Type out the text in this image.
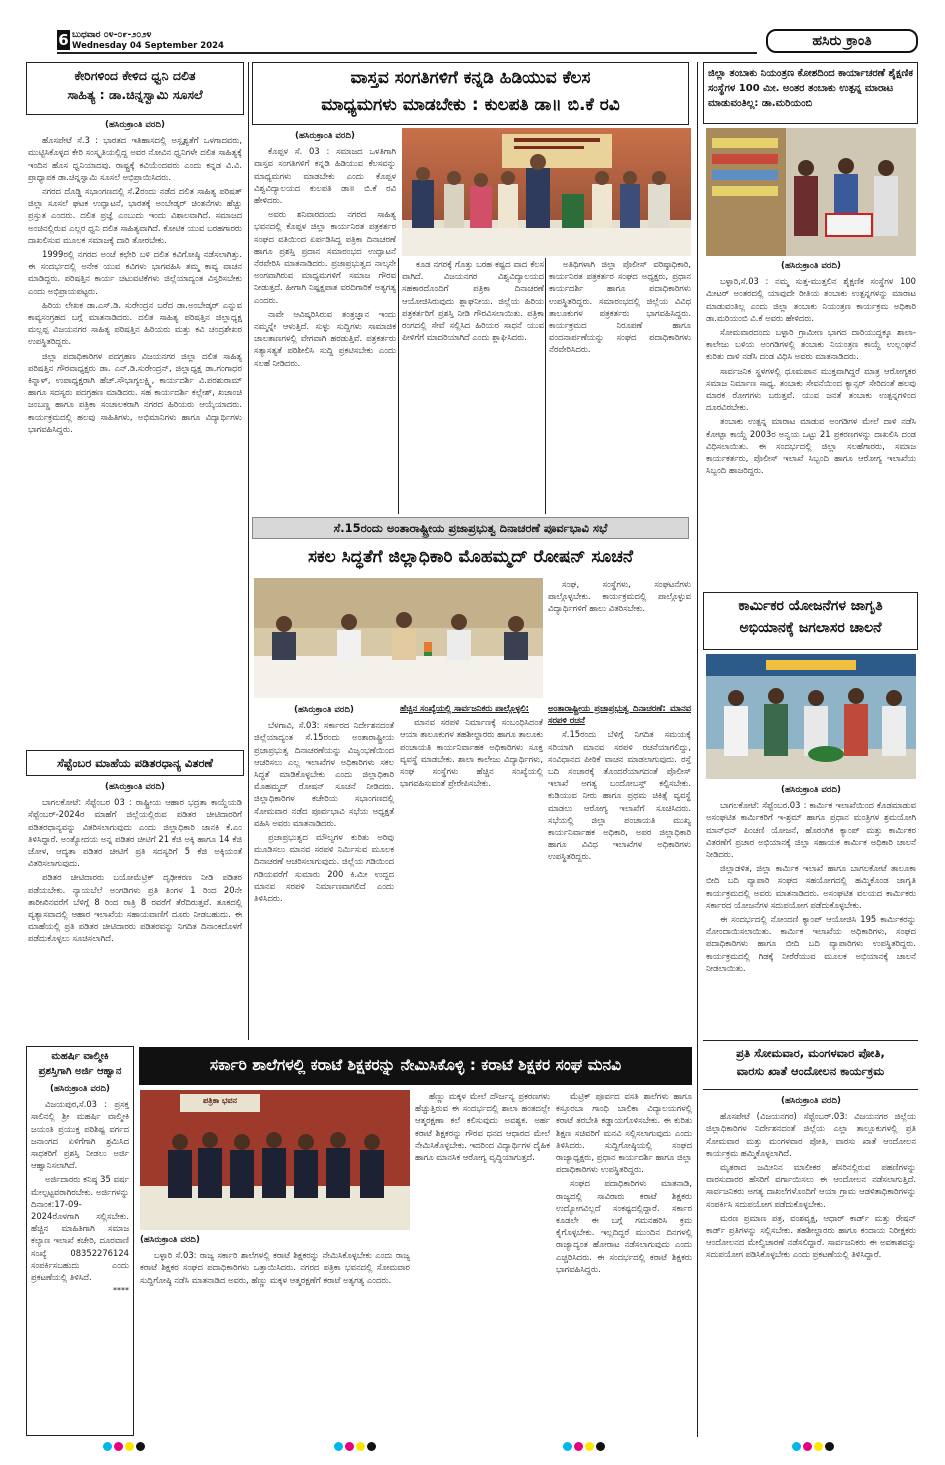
6 ಬುಧವಾರ ೦೪-೦೯-೨೦೨೪
Wednesday 04 September 2024	ಹಸಿರು ಕ್ರಾಂತಿ
ಕೇರಿಗಳಿಂದ ಕೇಳಿದ ಧ್ವನಿ ದಲಿತ
ಸಾಹಿತ್ಯ : ಡಾ.ಚಿನ್ನಸ್ವಾಮಿ ಸೂಸಲೆ
(ಹಸಿರುಕ್ರಾಂತಿ ವರದಿ)

ಹೊಸಪೇಟೆ ಸೆ.3 : ಭಾರತದ ಇತಿಹಾಸದಲ್ಲಿ ಅಸ್ಪೃಶ್ಯತೆಗೆ ಒಳಗಾದವರು, ಮುಟ್ಟಿಸಿಕೊಳ್ಳದ ಕೇರಿ ಸಂಸ್ಕೃತಿಯಲ್ಲಿದ್ದ ಅವರ ನೋವಿನ ಧ್ವನಿಗಳೇ ದಲಿತ ಸಾಹಿತ್ಯಕ್ಕೆ ಇಂದಿನ ಹೊಸ ಧ್ವನಿಯಾದವು. ರಾಷ್ಟ್ರಕ್ಕೆ ಕವಿಯೆಂದವರು ಎಂದು ಕನ್ನಡ ವಿ.ವಿ. ಪ್ರಾಧ್ಯಾಪಕ ಡಾ.ಚಿನ್ನಸ್ವಾಮಿ ಸೂಸಲೆ ಅಭಿಪ್ರಾಯಿಸಿದರು.

ನಗರದ ದೊಡ್ಡಿ ಸಭಾಂಗಣದಲ್ಲಿ ಸೆ.2ರಂದು ನಡೆದ ದಲಿತ ಸಾಹಿತ್ಯ ಪರಿಷತ್ ಜಿಲ್ಲಾ ಸೂಸಲೆ ಘಟಕ ಉದ್ಘಾಟನೆ, ಭಾರತಕ್ಕೆ ಅಂಬೇಡ್ಕರ್ ಚಿಂತನೆಗಳು ಹೆಚ್ಚು ಪ್ರಸ್ತುತ ಎಂದರು. ದಲಿತ ಪ್ರಜ್ಞೆ ಎಂಬುದು ಇಂದು ವಿಶಾಲವಾಗಿದೆ. ಸಮಾಜದ ಅಂಚಿನಲ್ಲಿರುವ ಎಲ್ಲರ ಧ್ವನಿ ದಲಿತ ಸಾಹಿತ್ಯವಾಗಿದೆ. ಕೋಟಿಕ ಯುವ ಬರಹಗಾರರು ದಾಖಲಿಸುವ ಮೂಲಕ ಸಮಾಜಕ್ಕೆ ದಾರಿ ತೋರಬೇಕು.

1999ರಲ್ಲಿ ನಗರದ ಅಂಚೆ ಕಛೇರಿ ಬಳಿ ದಲಿತ ಕವಿಗೋಷ್ಠಿ ನಡೆಸಲಾಗಿತ್ತು. ಈ ಸಂದರ್ಭದಲ್ಲಿ ಅನೇಕ ಯುವ ಕವಿಗಳು ಭಾಗವಹಿಸಿ ತಮ್ಮ ಕಾವ್ಯ ವಾಚನ ಮಾಡಿದ್ದರು. ಪರಿಷತ್ತಿನ ಕಾರ್ಯ ಚಟುವಟಿಕೆಗಳು ಜಿಲ್ಲೆಯಾದ್ಯಂತ ವಿಸ್ತರಿಸಬೇಕು ಎಂದು ಅಭಿಪ್ರಾಯಪಟ್ಟರು.

ಹಿರಿಯ ಲೇಖಕ ಡಾ.ಎಸ್.ಡಿ. ಸುರೇಂದ್ರನ ಬರೆದ ಡಾ.ಅಂಬೇಡ್ಕರ್ ಎನ್ನುವ ಕಾವ್ಯಸಂಗ್ರಹದ ಬಗ್ಗೆ ಮಾತನಾಡಿದರು. ದಲಿತ ಸಾಹಿತ್ಯ ಪರಿಷತ್ತಿನ ಜಿಲ್ಲಾಧ್ಯಕ್ಷ ಮಲ್ಲಪ್ಪ ವಿಜಯನಗರ ಸಾಹಿತ್ಯ ಪರಿಷತ್ತಿನ ಹಿರಿಯರು ಮತ್ತು ಕವಿ ಚಂದ್ರಶೇಖರ ಉಪಸ್ಥಿತರಿದ್ದರು.

ಜಿಲ್ಲಾ ಪದಾಧಿಕಾರಿಗಳ ಪದಗ್ರಹಣ ವಿಜಯನಗರ ಜಿಲ್ಲಾ ದಲಿತ ಸಾಹಿತ್ಯ ಪರಿಷತ್ತಿನ ಗೌರವಾಧ್ಯಕ್ಷರು ಡಾ. ಎನ್.ಡಿ.ಸುರೇಂದ್ರನ್, ಜಿಲ್ಲಾಧ್ಯಕ್ಷ ಡಾ.ಗಂಗಾಧರ ಕಿನ್ನಾಳ್, ಉಪಾಧ್ಯಕ್ಷರಾಗಿ ಹೆಚ್.ಸೌಭಾಗ್ಯಲಕ್ಷ್ಮಿ, ಕಾರ್ಯದರ್ಶಿ ವಿ.ಪರಶುರಾಮ್ ಹಾಗೂ ಸದಸ್ಯರು ಪದಗ್ರಹಣ ಮಾಡಿದರು. ಸಹ ಕಾರ್ಯದರ್ಶಿ ಕಲ್ಲೇಶ್, ಖಜಾಂಚಿ ಜಂಬಣ್ಣ ಹಾಗೂ ಪತ್ರಿಕಾ ಸಂಚಾಲಕರಾಗಿ ನಗರದ ಹಿರಿಯರು ಆಯ್ಕೆಯಾದರು. ಕಾರ್ಯಕ್ರಮದಲ್ಲಿ ಹಲವು ಸಾಹಿತಿಗಳು, ಅಭಿಮಾನಿಗಳು ಹಾಗೂ ವಿದ್ಯಾರ್ಥಿಗಳು ಭಾಗವಹಿಸಿದ್ದರು.

ಸೆಪ್ಟೆಂಬರ ಮಾಹೆಯ ಪಡಿತರಧಾನ್ಯ ವಿತರಣೆ
(ಹಸಿರುಕ್ರಾಂತಿ ವರದಿ)

ಬಾಗಲಕೋಟೆ: ಸೆಪ್ಟೆಂಬರ 03 : ರಾಷ್ಟ್ರೀಯ ಆಹಾರ ಭದ್ರತಾ ಕಾಯ್ದೆಯಡಿ ಸೆಪ್ಟೆಂಬರ್-2024ರ ಮಾಹೆಗೆ ಜಿಲ್ಲೆಯಲ್ಲಿರುವ ಪಡಿತರ ಚೀಟಿದಾರರಿಗೆ ಪಡಿತರಧಾನ್ಯವನ್ನು ವಿತರಿಸಲಾಗುವುದು ಎಂದು ಜಿಲ್ಲಾಧಿಕಾರಿ ಜಾನಕಿ ಕೆ.ಎಂ ತಿಳಿಸಿದ್ದಾರೆ. ಅಂತ್ಯೋದಯ ಅನ್ನ ಪಡಿತರ ಚೀಟಿಗೆ 21 ಕೆಜಿ ಅಕ್ಕಿ ಹಾಗೂ 14 ಕೆಜಿ ಜೋಳ, ಆದ್ಯತಾ ಪಡಿತರ ಚೀಟಿಗೆ ಪ್ರತಿ ಸದಸ್ಯರಿಗೆ 5 ಕೆಜಿ ಅಕ್ಕಿಯಂತೆ ವಿತರಿಸಲಾಗುವುದು.

ಪಡಿತರ ಚೀಟಿದಾರರು ಬಯೋಮೆಟ್ರಿಕ್ ದೃಢೀಕರಣ ನೀಡಿ ಪಡಿತರ ಪಡೆಯಬೇಕು. ನ್ಯಾಯಬೆಲೆ ಅಂಗಡಿಗಳು ಪ್ರತಿ ತಿಂಗಳ 1 ರಿಂದ 20ನೇ ತಾರೀಖಿನವರೆಗೆ ಬೆಳಿಗ್ಗೆ 8 ರಿಂದ ರಾತ್ರಿ 8 ರವರೆಗೆ ತೆರೆದಿರುತ್ತವೆ. ತೂಕದಲ್ಲಿ ವ್ಯತ್ಯಾಸವಾದಲ್ಲಿ ಆಹಾರ ಇಲಾಖೆಯ ಸಹಾಯವಾಣಿಗೆ ದೂರು ನೀಡಬಹುದು. ಈ ಮಾಹೆಯಲ್ಲಿ ಪ್ರತಿ ಪಡಿತರ ಚೀಟಿದಾರರು ಪಡಿತರವನ್ನು ನಿಗದಿತ ದಿನಾಂಕದೊಳಗೆ ಪಡೆದುಕೊಳ್ಳಲು ಸೂಚಿಸಲಾಗಿದೆ.

ವಾಸ್ತವ ಸಂಗತಿಗಳಿಗೆ ಕನ್ನಡಿ ಹಿಡಿಯುವ ಕೆಲಸ
ಮಾಧ್ಯಮಗಳು ಮಾಡಬೇಕು : ಕುಲಪತಿ ಡಾ॥ ಬಿ.ಕೆ ರವಿ
(ಹಸಿರುಕ್ರಾಂತಿ ವರದಿ)

ಕೊಪ್ಪಳ ಸೆ. 03 : ಸಮಾಜದ ಒಳತಿಗಾಗಿ ವಾಸ್ತವ ಸಂಗತಿಗಳಿಗೆ ಕನ್ನಡಿ ಹಿಡಿಯುವ ಕೆಲಸವನ್ನು ಮಾಧ್ಯಮಗಳು ಮಾಡಬೇಕು ಎಂದು ಕೊಪ್ಪಳ ವಿಶ್ವವಿದ್ಯಾಲಯದ ಕುಲಪತಿ ಡಾ॥ ಬಿ.ಕೆ ರವಿ ಹೇಳಿದರು.

ಅವರು ಶನಿವಾರದಂದು ನಗರದ ಸಾಹಿತ್ಯ ಭವನದಲ್ಲಿ ಕೊಪ್ಪಳ ಜಿಲ್ಲಾ ಕಾರ್ಯನಿರತ ಪತ್ರಕರ್ತರ ಸಂಘದ ವತಿಯಿಂದ ಏರ್ಪಡಿಸಿದ್ದ ಪತ್ರಿಕಾ ದಿನಾಚರಣೆ ಹಾಗೂ ಪ್ರಶಸ್ತಿ ಪ್ರದಾನ ಸಮಾರಂಭದ ಉದ್ಘಾಟನೆ ನೆರವೇರಿಸಿ ಮಾತನಾಡಿದರು. ಪ್ರಜಾಪ್ರಭುತ್ವದ ನಾಲ್ಕನೇ ಅಂಗವಾಗಿರುವ ಮಾಧ್ಯಮಗಳಿಗೆ ಸಮಾಜ ಗೌರವ ನೀಡುತ್ತದೆ. ಹೀಗಾಗಿ ನಿಷ್ಪಕ್ಷಪಾತ ವರದಿಗಾರಿಕೆ ಅತ್ಯಗತ್ಯ ಎಂದರು.

ನಾವೇ ಆವಿಷ್ಕರಿಸಿರುವ ತಂತ್ರಜ್ಞಾನ ಇಂದು ನಮ್ಮನ್ನೇ ಆಳುತ್ತಿದೆ. ಸುಳ್ಳು ಸುದ್ದಿಗಳು ಸಾಮಾಜಿಕ ಜಾಲತಾಣಗಳಲ್ಲಿ ವೇಗವಾಗಿ ಹರಡುತ್ತಿವೆ. ಪತ್ರಕರ್ತರು ಸತ್ಯಾಸತ್ಯತೆ ಪರಿಶೀಲಿಸಿ ಸುದ್ದಿ ಪ್ರಕಟಿಸಬೇಕು ಎಂದು ಸಲಹೆ ನೀಡಿದರು.

ಕೂಡ ನಗರಕ್ಕೆ ಗೊತ್ತು ಬರಹ ಕಷ್ಟದ ವಾದ ಕೆಲಸ ವಾಗಿದೆ. ವಿಜಯನಗರ ವಿಶ್ವವಿದ್ಯಾಲಯದ ಸಹಕಾರದೊಂದಿಗೆ ಪತ್ರಿಕಾ ದಿನಾಚರಣೆ ಆಯೋಜಿಸಿರುವುದು ಶ್ಲಾಘನೀಯ. ಜಿಲ್ಲೆಯ ಹಿರಿಯ ಪತ್ರಕರ್ತರಿಗೆ ಪ್ರಶಸ್ತಿ ನೀಡಿ ಗೌರವಿಸಲಾಯಿತು. ಪತ್ರಿಕಾ ರಂಗದಲ್ಲಿ ಸೇವೆ ಸಲ್ಲಿಸಿದ ಹಿರಿಯರ ಸಾಧನೆ ಯುವ ಪೀಳಿಗೆಗೆ ಮಾದರಿಯಾಗಿದೆ ಎಂದು ಶ್ಲಾಘಿಸಿದರು.

ಅತಿಥಿಗಳಾಗಿ ಜಿಲ್ಲಾ ಪೊಲೀಸ್ ವರಿಷ್ಠಾಧಿಕಾರಿ, ಕಾರ್ಯನಿರತ ಪತ್ರಕರ್ತರ ಸಂಘದ ಅಧ್ಯಕ್ಷರು, ಪ್ರಧಾನ ಕಾರ್ಯದರ್ಶಿ ಹಾಗೂ ಪದಾಧಿಕಾರಿಗಳು ಉಪಸ್ಥಿತರಿದ್ದರು. ಸಮಾರಂಭದಲ್ಲಿ ಜಿಲ್ಲೆಯ ವಿವಿಧ ತಾಲೂಕುಗಳ ಪತ್ರಕರ್ತರು ಭಾಗವಹಿಸಿದ್ದರು. ಕಾರ್ಯಕ್ರಮದ ನಿರೂಪಣೆ ಹಾಗೂ ವಂದನಾರ್ಪಣೆಯನ್ನು ಸಂಘದ ಪದಾಧಿಕಾರಿಗಳು ನೆರವೇರಿಸಿದರು.

ಸೆ.15ರಂದು ಅಂತಾರಾಷ್ಟ್ರೀಯ ಪ್ರಜಾಪ್ರಭುತ್ವ ದಿನಾಚರಣೆ ಪೂರ್ವಭಾವಿ ಸಭೆ
ಸಕಲ ಸಿದ್ಧತೆಗೆ ಜಿಲ್ಲಾಧಿಕಾರಿ ಮೊಹಮ್ಮದ್ ರೋಷನ್ ಸೂಚನೆ

ಸಂಘ, ಸಂಸ್ಥೆಗಳು, ಸಂಘಟನೆಗಳು ಪಾಲ್ಗೊಳ್ಳಬೇಕು. ಕಾರ್ಯಕ್ರಮದಲ್ಲಿ ಪಾಲ್ಗೊಳ್ಳುವ ವಿದ್ಯಾರ್ಥಿಗಳಿಗೆ ಹಾಲು ವಿತರಿಸಬೇಕು.

(ಹಸಿರುಕ್ರಾಂತಿ ವರದಿ)

ಬೆಳಗಾವಿ, ಸೆ.03: ಸರ್ಕಾರದ ನಿರ್ದೇಶನದಂತೆ ಜಿಲ್ಲೆಯಾದ್ಯಂತ ಸೆ.15ರಂದು ಅಂತಾರಾಷ್ಟ್ರೀಯ ಪ್ರಜಾಪ್ರಭುತ್ವ ದಿನಾಚರಣೆಯನ್ನು ವಿಜೃಂಭಣೆಯಿಂದ ಆಚರಿಸಲು ಎಲ್ಲ ಇಲಾಖೆಗಳ ಅಧಿಕಾರಿಗಳು ಸಕಲ ಸಿದ್ಧತೆ ಮಾಡಿಕೊಳ್ಳಬೇಕು ಎಂದು ಜಿಲ್ಲಾಧಿಕಾರಿ ಮೊಹಮ್ಮದ್ ರೋಷನ್ ಸೂಚನೆ ನೀಡಿದರು. ಜಿಲ್ಲಾಧಿಕಾರಿಗಳ ಕಚೇರಿಯ ಸಭಾಂಗಣದಲ್ಲಿ ಸೋಮವಾರ ನಡೆದ ಪೂರ್ವಭಾವಿ ಸಭೆಯ ಅಧ್ಯಕ್ಷತೆ ವಹಿಸಿ ಅವರು ಮಾತನಾಡಿದರು.

ಪ್ರಜಾಪ್ರಭುತ್ವದ ಮೌಲ್ಯಗಳ ಕುರಿತು ಅರಿವು ಮೂಡಿಸಲು ಮಾನವ ಸರಪಳಿ ನಿರ್ಮಿಸುವ ಮೂಲಕ ದಿನಾಚರಣೆ ಆಚರಿಸಲಾಗುವುದು. ಜಿಲ್ಲೆಯ ಗಡಿಯಿಂದ ಗಡಿಯವರೆಗೆ ಸುಮಾರು 200 ಕಿ.ಮೀ ಉದ್ದದ ಮಾನವ ಸರಪಳಿ ನಿರ್ಮಾಣವಾಗಲಿದೆ ಎಂದು ತಿಳಿಸಿದರು.

ಹೆಚ್ಚಿನ ಸಂಖ್ಯೆಯಲ್ಲಿ ಸಾರ್ವಜನಿಕರು ಪಾಲ್ಗೊಳ್ಳಲಿ:

ಮಾನವ ಸರಪಳಿ ನಿರ್ಮಾಣಕ್ಕೆ ಸಂಬಂಧಿಸಿದಂತೆ ಆಯಾ ತಾಲೂಕುಗಳ ತಹಶೀಲ್ದಾರರು ಹಾಗೂ ತಾಲೂಕು ಪಂಚಾಯತಿ ಕಾರ್ಯನಿರ್ವಾಹಕ ಅಧಿಕಾರಿಗಳು ಸೂಕ್ತ ವ್ಯವಸ್ಥೆ ಮಾಡಬೇಕು. ಶಾಲಾ ಕಾಲೇಜು ವಿದ್ಯಾರ್ಥಿಗಳು, ಸಂಘ ಸಂಸ್ಥೆಗಳು ಹೆಚ್ಚಿನ ಸಂಖ್ಯೆಯಲ್ಲಿ ಭಾಗವಹಿಸುವಂತೆ ಪ್ರೇರೇಪಿಸಬೇಕು.

ಅಂತಾರಾಷ್ಟ್ರೀಯ ಪ್ರಜಾಪ್ರಭುತ್ವ ದಿನಾಚರಣೆ: ಮಾನವ ಸರಪಳಿ ರಚನೆ

ಸೆ.15ರಂದು ಬೆಳಿಗ್ಗೆ ನಿಗದಿತ ಸಮಯಕ್ಕೆ ಸರಿಯಾಗಿ ಮಾನವ ಸರಪಳಿ ರಚನೆಯಾಗಲಿದ್ದು, ಸಂವಿಧಾನದ ಪೀಠಿಕೆ ವಾಚನ ಮಾಡಲಾಗುವುದು. ರಸ್ತೆ ಬದಿ ಸಂಚಾರಕ್ಕೆ ತೊಂದರೆಯಾಗದಂತೆ ಪೊಲೀಸ್ ಇಲಾಖೆ ಅಗತ್ಯ ಬಂದೋಬಸ್ತ್ ಕಲ್ಪಿಸಬೇಕು. ಕುಡಿಯುವ ನೀರು ಹಾಗೂ ಪ್ರಥಮ ಚಿಕಿತ್ಸೆ ವ್ಯವಸ್ಥೆ ಮಾಡಲು ಆರೋಗ್ಯ ಇಲಾಖೆಗೆ ಸೂಚಿಸಿದರು. ಸಭೆಯಲ್ಲಿ ಜಿಲ್ಲಾ ಪಂಚಾಯತಿ ಮುಖ್ಯ ಕಾರ್ಯನಿರ್ವಾಹಕ ಅಧಿಕಾರಿ, ಅಪರ ಜಿಲ್ಲಾಧಿಕಾರಿ ಹಾಗೂ ವಿವಿಧ ಇಲಾಖೆಗಳ ಅಧಿಕಾರಿಗಳು ಉಪಸ್ಥಿತರಿದ್ದರು.

ಜಿಲ್ಲಾ ತಂಬಾಕು ನಿಯಂತ್ರಣ ಕೋಶದಿಂದ ಕಾರ್ಯಾಚರಣೆ ಶೈಕ್ಷಣಿಕ ಸಂಸ್ಥೆಗಳ 100 ಮೀ. ಅಂತರ ತಂಬಾಕು ಉತ್ಪನ್ನ ಮಾರಾಟ ಮಾಡುವಂತಿಲ್ಲ: ಡಾ.ಮರಿಯಂಬಿ
(ಹಸಿರುಕ್ರಾಂತಿ ವರದಿ)

ಬಳ್ಳಾರಿ,ಸೆ.03 : ನಮ್ಮ ಸುತ್ತ-ಮುತ್ತಲಿನ ಶೈಕ್ಷಣಿಕ ಸಂಸ್ಥೆಗಳ 100 ಮೀಟರ್ ಅಂತರದಲ್ಲಿ ಯಾವುದೇ ರೀತಿಯ ತಂಬಾಕು ಉತ್ಪನ್ನಗಳನ್ನು ಮಾರಾಟ ಮಾಡುವಂತಿಲ್ಲ ಎಂದು ಜಿಲ್ಲಾ ತಂಬಾಕು ನಿಯಂತ್ರಣ ಕಾರ್ಯಕ್ರಮ ಅಧಿಕಾರಿ ಡಾ.ಮರಿಯಂಬಿ ವಿ.ಕೆ ಅವರು ಹೇಳಿದರು.

ಸೋಮವಾರದಂದು ಬಳ್ಳಾರಿ ಗ್ರಾಮೀಣ ಭಾಗದ ದಾರಿಯುದ್ದಕ್ಕೂ ಶಾಲಾ-ಕಾಲೇಜು ಬಳಿಯ ಅಂಗಡಿಗಳಲ್ಲಿ ತಂಬಾಕು ನಿಯಂತ್ರಣ ಕಾಯ್ದೆ ಉಲ್ಲಂಘನೆ ಕುರಿತು ದಾಳಿ ನಡೆಸಿ ದಂಡ ವಿಧಿಸಿ ಅವರು ಮಾತನಾಡಿದರು.

ಸಾರ್ವಜನಿಕ ಸ್ಥಳಗಳಲ್ಲಿ ಧೂಮಪಾನ ಮುಕ್ತವಾಗಿದ್ದರೆ ಮಾತ್ರ ಆರೋಗ್ಯಕರ ಸಮಾಜ ನಿರ್ಮಾಣ ಸಾಧ್ಯ. ತಂಬಾಕು ಸೇವನೆಯಿಂದ ಕ್ಯಾನ್ಸರ್ ಸೇರಿದಂತೆ ಹಲವು ಮಾರಕ ರೋಗಗಳು ಬರುತ್ತವೆ. ಯುವ ಜನತೆ ತಂಬಾಕು ಉತ್ಪನ್ನಗಳಿಂದ ದೂರವಿರಬೇಕು.

ತಂಬಾಕು ಉತ್ಪನ್ನ ಮಾರಾಟ ಮಾಡುವ ಅಂಗಡಿಗಳ ಮೇಲೆ ದಾಳಿ ನಡೆಸಿ ಕೋಟ್ಪಾ ಕಾಯ್ದೆ 2003ರ ಅನ್ವಯ ಒಟ್ಟು 21 ಪ್ರಕರಣಗಳನ್ನು ದಾಖಲಿಸಿ ದಂಡ ವಿಧಿಸಲಾಯಿತು. ಈ ಸಂದರ್ಭದಲ್ಲಿ ಜಿಲ್ಲಾ ಸಲಹೆಗಾರರು, ಸಮಾಜ ಕಾರ್ಯಕರ್ತರು, ಪೊಲೀಸ್ ಇಲಾಖೆ ಸಿಬ್ಬಂದಿ ಹಾಗೂ ಆರೋಗ್ಯ ಇಲಾಖೆಯ ಸಿಬ್ಬಂದಿ ಹಾಜರಿದ್ದರು.

ಕಾರ್ಮಿಕರ ಯೋಜನೆಗಳ ಜಾಗೃತಿ
ಅಭಿಯಾನಕ್ಕೆ ಜಗಲಾಸರ ಚಾಲನೆ
(ಹಸಿರುಕ್ರಾಂತಿ ವರದಿ)

ಬಾಗಲಕೋಟೆ: ಸೆಪ್ಟೆಂಬರ.03 : ಕಾರ್ಮಿಕ ಇಲಾಖೆಯಿಂದ ಕೊಡಮಾಡುವ ಅಸಂಘಟಿತ ಕಾರ್ಮಿಕರಿಗೆ ಇ-ಶ್ರಮ್ ಹಾಗೂ ಪ್ರಧಾನ ಮಂತ್ರಿಗಳ ಶ್ರಮಯೋಗಿ ಮಾನ್‌ಧನ್ ಪಿಂಚಣಿ ಯೋಜನೆ, ಹೊರಂಗಿಕ ಕ್ಯಾಂಪ್ ಮತ್ತು ಕಾರ್ಮಿಕರ ವಿತರಣೆಗೆ ಪ್ರಚಾರ ಅಭಿಯಾನಕ್ಕೆ ಜಿಲ್ಲಾ ಸಹಾಯಕ ಕಾರ್ಮಿಕ ಅಧಿಕಾರಿ ಚಾಲನೆ ನೀಡಿದರು.

ಜಿಲ್ಲಾಡಳಿತ, ಜಿಲ್ಲಾ ಕಾರ್ಮಿಕ ಇಲಾಖೆ ಹಾಗೂ ಬಾಗಲಕೋಟೆ ತಾಲೂಕಾ ಬೀದಿ ಬದಿ ವ್ಯಾಪಾರಿ ಸಂಘದ ಸಹಯೋಗದಲ್ಲಿ ಹಮ್ಮಿಕೊಂಡ ಜಾಗೃತಿ ಕಾರ್ಯಕ್ರಮದಲ್ಲಿ ಅವರು ಮಾತನಾಡಿದರು. ಅಸಂಘಟಿತ ವಲಯದ ಕಾರ್ಮಿಕರು ಸರ್ಕಾರದ ಯೋಜನೆಗಳ ಸದುಪಯೋಗ ಪಡೆದುಕೊಳ್ಳಬೇಕು.

ಈ ಸಂದರ್ಭದಲ್ಲಿ ನೋಂದಣಿ ಕ್ಯಾಂಪ್ ಆಯೋಜಿಸಿ 195 ಕಾರ್ಮಿಕರನ್ನು ನೋಂದಾಯಿಸಲಾಯಿತು. ಕಾರ್ಮಿಕ ಇಲಾಖೆಯ ಅಧಿಕಾರಿಗಳು, ಸಂಘದ ಪದಾಧಿಕಾರಿಗಳು ಹಾಗೂ ಬೀದಿ ಬದಿ ವ್ಯಾಪಾರಿಗಳು ಉಪಸ್ಥಿತರಿದ್ದರು. ಕಾರ್ಯಕ್ರಮದಲ್ಲಿ ಗಿಡಕ್ಕೆ ನೀರೆರೆಯುವ ಮೂಲಕ ಅಭಿಯಾನಕ್ಕೆ ಚಾಲನೆ ನೀಡಲಾಯಿತು.

ಪ್ರತಿ ಸೋಮವಾರ, ಮಂಗಳವಾರ ಪೋತಿ,
ವಾರಸು ಖಾತೆ ಆಂದೋಲನ ಕಾರ್ಯಕ್ರಮ
(ಹಸಿರುಕ್ರಾಂತಿ ವರದಿ)

ಹೊಸಪೇಟೆ (ವಿಜಯನಗರ) ಸೆಪ್ಟೆಂಬರ್.03: ವಿಜಯನಗರ ಜಿಲ್ಲೆಯ ಜಿಲ್ಲಾಧಿಕಾರಿಗಳ ನಿರ್ದೇಶನದಂತೆ ಜಿಲ್ಲೆಯ ಎಲ್ಲಾ ತಾಲ್ಲೂಕುಗಳಲ್ಲಿ ಪ್ರತಿ ಸೋಮವಾರ ಮತ್ತು ಮಂಗಳವಾರ ಪೋತಿ, ವಾರಸು ಖಾತೆ ಆಂದೋಲನ ಕಾರ್ಯಕ್ರಮ ಹಮ್ಮಿಕೊಳ್ಳಲಾಗಿದೆ.

ಮೃತರಾದ ಜಮೀನಿನ ಮಾಲೀಕರ ಹೆಸರಿನಲ್ಲಿರುವ ಪಹಣಿಗಳನ್ನು ವಾರಸುದಾರರ ಹೆಸರಿಗೆ ವರ್ಗಾಯಿಸಲು ಈ ಆಂದೋಲನ ನಡೆಸಲಾಗುತ್ತಿದೆ. ಸಾರ್ವಜನಿಕರು ಅಗತ್ಯ ದಾಖಲೆಗಳೊಂದಿಗೆ ಆಯಾ ಗ್ರಾಮ ಆಡಳಿತಾಧಿಕಾರಿಗಳನ್ನು ಸಂಪರ್ಕಿಸಿ ಸದುಪಯೋಗ ಪಡೆದುಕೊಳ್ಳಬೇಕು.

ಮರಣ ಪ್ರಮಾಣ ಪತ್ರ, ವಂಶವೃಕ್ಷ, ಆಧಾರ್ ಕಾರ್ಡ್ ಮತ್ತು ರೇಷನ್ ಕಾರ್ಡ್ ಪ್ರತಿಗಳನ್ನು ಸಲ್ಲಿಸಬೇಕು. ತಹಶೀಲ್ದಾರರು ಹಾಗೂ ಕಂದಾಯ ನಿರೀಕ್ಷಕರು ಆಂದೋಲನದ ಮೇಲ್ವಿಚಾರಣೆ ನಡೆಸಲಿದ್ದಾರೆ. ಸಾರ್ವಜನಿಕರು ಈ ಅವಕಾಶವನ್ನು ಸದುಪಯೋಗ ಪಡಿಸಿಕೊಳ್ಳಬೇಕು ಎಂದು ಪ್ರಕಟಣೆಯಲ್ಲಿ ತಿಳಿಸಿದ್ದಾರೆ.

ಮಹರ್ಷಿ ವಾಲ್ಮೀಕಿ
ಪ್ರಶಸ್ತಿಗಾಗಿ ಅರ್ಜಿ ಆಹ್ವಾನ
(ಹಸಿರುಕ್ರಾಂತಿ ವರದಿ)

ವಿಜಯಪುರ,ಸೆ.03 : ಪ್ರಸಕ್ತ ಸಾಲಿನಲ್ಲಿ ಶ್ರೀ ಮಹರ್ಷಿ ವಾಲ್ಮೀಕಿ ಜಯಂತಿ ಪ್ರಯುಕ್ತ ಪರಿಶಿಷ್ಟ ವರ್ಗದ ಜನಾಂಗದ ಏಳಿಗೆಗಾಗಿ ಶ್ರಮಿಸಿದ ಸಾಧಕರಿಗೆ ಪ್ರಶಸ್ತಿ ನೀಡಲು ಅರ್ಜಿ ಆಹ್ವಾನಿಸಲಾಗಿದೆ.

ಅರ್ಜಿದಾರರು ಕನಿಷ್ಠ 35 ವರ್ಷ ಮೇಲ್ಪಟ್ಟವರಾಗಿರಬೇಕು. ಅರ್ಜಿಗಳನ್ನು ದಿನಾಂಕ:17-09-2024ರೊಳಗಾಗಿ ಸಲ್ಲಿಸಬೇಕು. ಹೆಚ್ಚಿನ ಮಾಹಿತಿಗಾಗಿ ಸಮಾಜ ಕಲ್ಯಾಣ ಇಲಾಖೆ ಕಚೇರಿ, ದೂರವಾಣಿ ಸಂಖ್ಯೆ 08352276124 ಸಂಪರ್ಕಿಸಬಹುದು ಎಂದು ಪ್ರಕಟಣೆಯಲ್ಲಿ ತಿಳಿಸಿದೆ.

****
ಸರ್ಕಾರಿ ಶಾಲೆಗಳಲ್ಲಿ ಕರಾಟೆ ಶಿಕ್ಷಕರನ್ನು ನೇಮಿಸಿಕೊಳ್ಳಿ : ಕರಾಟೆ ಶಿಕ್ಷಕರ ಸಂಘ ಮನವಿ
ಪತ್ರಿಕಾ ಭವನ
(ಹಸಿರುಕ್ರಾಂತಿ ವರದಿ)

ಬಳ್ಳಾರಿ ಸೆ.03: ರಾಜ್ಯ ಸರ್ಕಾರಿ ಶಾಲೆಗಳಲ್ಲಿ ಕರಾಟೆ ಶಿಕ್ಷಕರನ್ನು ನೇಮಿಸಿಕೊಳ್ಳಬೇಕು ಎಂದು ರಾಜ್ಯ ಕರಾಟೆ ಶಿಕ್ಷಕರ ಸಂಘದ ಪದಾಧಿಕಾರಿಗಳು ಒತ್ತಾಯಿಸಿದರು. ನಗರದ ಪತ್ರಿಕಾ ಭವನದಲ್ಲಿ ಸೋಮವಾರ ಸುದ್ದಿಗೋಷ್ಠಿ ನಡೆಸಿ ಮಾತನಾಡಿದ ಅವರು, ಹೆಣ್ಣು ಮಕ್ಕಳ ಆತ್ಮರಕ್ಷಣೆಗೆ ಕರಾಟೆ ಅತ್ಯಗತ್ಯ ಎಂದರು.

ಹೆಣ್ಣು ಮಕ್ಕಳ ಮೇಲೆ ದೌರ್ಜನ್ಯ ಪ್ರಕರಣಗಳು ಹೆಚ್ಚುತ್ತಿರುವ ಈ ಸಂದರ್ಭದಲ್ಲಿ ಶಾಲಾ ಹಂತದಲ್ಲೇ ಆತ್ಮರಕ್ಷಣಾ ಕಲೆ ಕಲಿಸುವುದು ಅವಶ್ಯಕ. ಅರ್ಹ ಕರಾಟೆ ಶಿಕ್ಷಕರನ್ನು ಗೌರವ ಧನದ ಆಧಾರದ ಮೇಲೆ ನೇಮಿಸಿಕೊಳ್ಳಬೇಕು. ಇದರಿಂದ ವಿದ್ಯಾರ್ಥಿಗಳ ದೈಹಿಕ ಹಾಗೂ ಮಾನಸಿಕ ಆರೋಗ್ಯ ವೃದ್ಧಿಯಾಗುತ್ತದೆ.

ಮೆಟ್ರಿಕ್ ಪೂರ್ವದ ವಸತಿ ಶಾಲೆಗಳು ಹಾಗೂ ಕಸ್ತೂರಬಾ ಗಾಂಧಿ ಬಾಲಿಕಾ ವಿದ್ಯಾಲಯಗಳಲ್ಲಿ ಕರಾಟೆ ತರಬೇತಿ ಕಡ್ಡಾಯಗೊಳಿಸಬೇಕು. ಈ ಕುರಿತು ಶಿಕ್ಷಣ ಸಚಿವರಿಗೆ ಮನವಿ ಸಲ್ಲಿಸಲಾಗುವುದು ಎಂದು ತಿಳಿಸಿದರು. ಸುದ್ದಿಗೋಷ್ಠಿಯಲ್ಲಿ ಸಂಘದ ರಾಜ್ಯಾಧ್ಯಕ್ಷರು, ಪ್ರಧಾನ ಕಾರ್ಯದರ್ಶಿ ಹಾಗೂ ಜಿಲ್ಲಾ ಪದಾಧಿಕಾರಿಗಳು ಉಪಸ್ಥಿತರಿದ್ದರು.

ಸಂಘದ ಪದಾಧಿಕಾರಿಗಳು ಮಾತನಾಡಿ, ರಾಜ್ಯದಲ್ಲಿ ಸಾವಿರಾರು ಕರಾಟೆ ಶಿಕ್ಷಕರು ಉದ್ಯೋಗವಿಲ್ಲದೆ ಸಂಕಷ್ಟದಲ್ಲಿದ್ದಾರೆ. ಸರ್ಕಾರ ಕೂಡಲೇ ಈ ಬಗ್ಗೆ ಗಮನಹರಿಸಿ ಕ್ರಮ ಕೈಗೊಳ್ಳಬೇಕು. ಇಲ್ಲದಿದ್ದರೆ ಮುಂದಿನ ದಿನಗಳಲ್ಲಿ ರಾಜ್ಯಾದ್ಯಂತ ಹೋರಾಟ ನಡೆಸಲಾಗುವುದು ಎಂದು ಎಚ್ಚರಿಸಿದರು. ಈ ಸಂದರ್ಭದಲ್ಲಿ ಕರಾಟೆ ಶಿಕ್ಷಕರು ಭಾಗವಹಿಸಿದ್ದರು.
